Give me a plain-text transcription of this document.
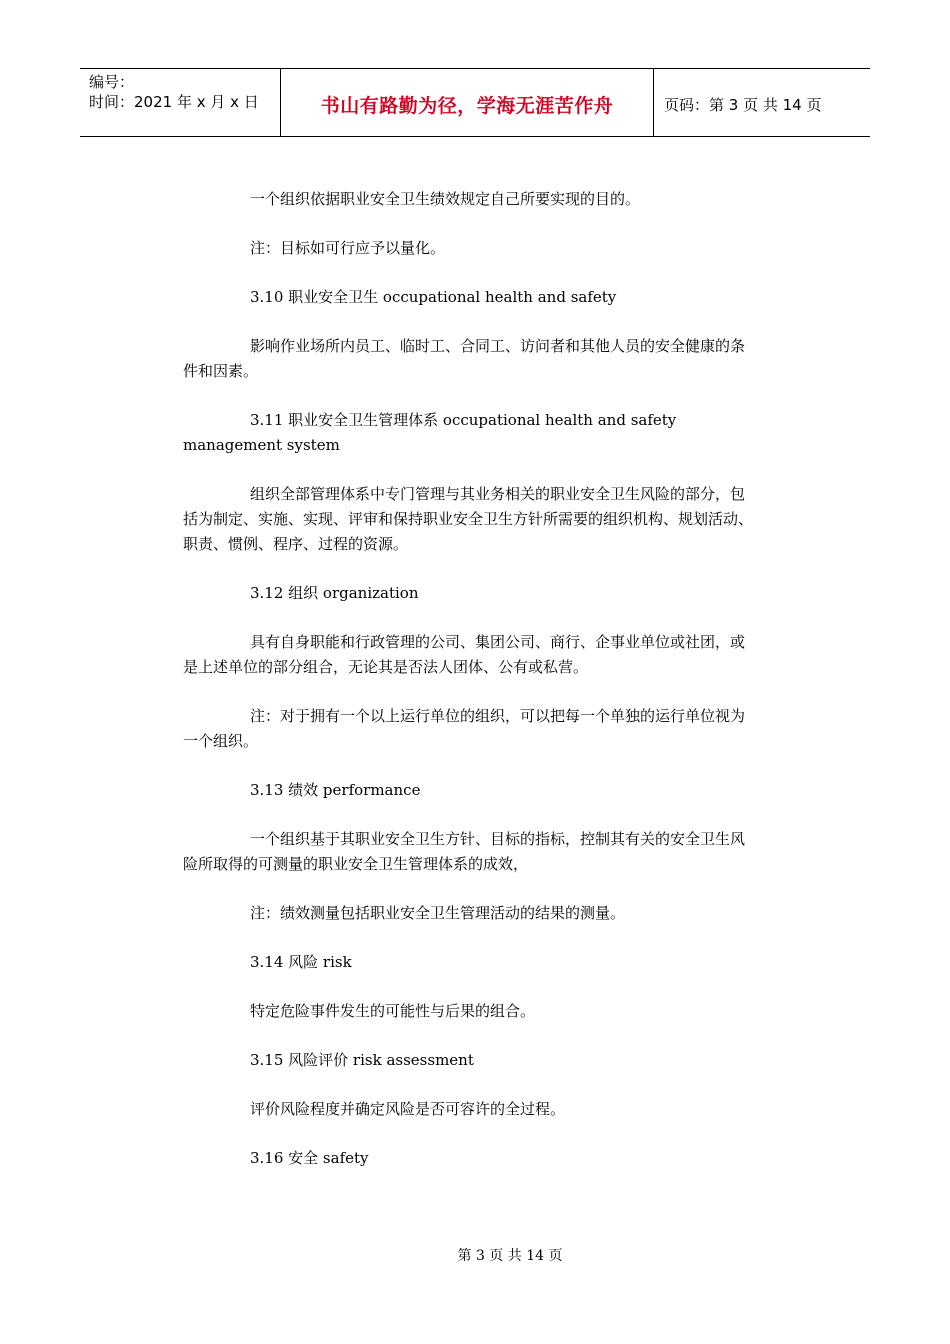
编号：
时间：2021 年 x 月 x 日	书山有路勤为径，学海无涯苦作舟	页码：第 3 页 共 14 页

一个组织依据职业安全卫生绩效规定自己所要实现的目的。

注：目标如可行应予以量化。

3.10 职业安全卫生 occupational health and safety

影响作业场所内员工、临时工、合同工、访问者和其他人员的安全健康的条件和因素。

3.11 职业安全卫生管理体系 occupational health and safety management system

组织全部管理体系中专门管理与其业务相关的职业安全卫生风险的部分，包括为制定、实施、实现、评审和保持职业安全卫生方针所需要的组织机构、规划活动、职责、惯例、程序、过程的资源。

3.12 组织 organization

具有自身职能和行政管理的公司、集团公司、商行、企事业单位或社团，或是上述单位的部分组合，无论其是否法人团体、公有或私营。

注：对于拥有一个以上运行单位的组织，可以把每一个单独的运行单位视为一个组织。

3.13 绩效 performance

一个组织基于其职业安全卫生方针、目标的指标，控制其有关的安全卫生风险所取得的可测量的职业安全卫生管理体系的成效，

注：绩效测量包括职业安全卫生管理活动的结果的测量。

3.14 风险 risk

特定危险事件发生的可能性与后果的组合。

3.15 风险评价 risk assessment

评价风险程度并确定风险是否可容许的全过程。

3.16 安全 safety

第 3 页 共 14 页
